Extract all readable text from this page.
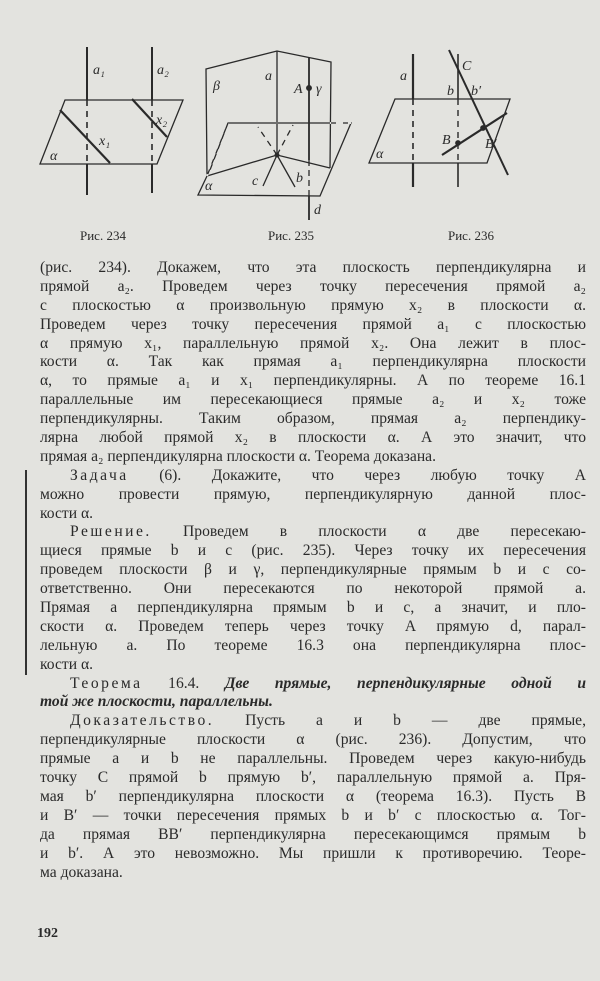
a₁	a₂
x₂
x₁
α
β
a
A γ
α	c	b
d
a
C
b b′
B B′
α
Рис. 234	Рис. 235	Рис. 236
(рис. 234). Докажем, что эта плоскость перпендикулярна и
прямой a₂. Проведем через точку пересечения прямой a₂
с плоскостью α произвольную прямую x₂ в плоскости α.
Проведем через точку пересечения прямой a₁ с плоскостью
α прямую x₁, параллельную прямой x₂. Она лежит в плос-
кости α. Так как прямая a₁ перпендикулярна плоскости
α, то прямые a₁ и x₁ перпендикулярны. А по теореме 16.1
параллельные им пересекающиеся прямые a₂ и x₂ тоже
перпендикулярны. Таким образом, прямая a₂ перпендику-
лярна любой прямой x₂ в плоскости α. А это значит, что
прямая a₂ перпендикулярна плоскости α. Теорема доказана.
Задача (6). Докажите, что через любую точку A
можно провести прямую, перпендикулярную данной плос-
кости α.
Решение. Проведем в плоскости α две пересекаю-
щиеся прямые b и c (рис. 235). Через точку их пересечения
проведем плоскости β и γ, перпендикулярные прямым b и c со-
ответственно. Они пересекаются по некоторой прямой a.
Прямая a перпендикулярна прямым b и c, а значит, и пло-
скости α. Проведем теперь через точку A прямую d, парал-
лельную a. По теореме 16.3 она перпендикулярна плос-
кости α.
Теорема 16.4. Две прямые, перпендикулярные одной и
той же плоскости, параллельны.
Доказательство. Пусть a и b — две прямые,
перпендикулярные плоскости α (рис. 236). Допустим, что
прямые a и b не параллельны. Проведем через какую-нибудь
точку C прямой b прямую b′, параллельную прямой a. Пря-
мая b′ перпендикулярна плоскости α (теорема 16.3). Пусть B
и B′ — точки пересечения прямых b и b′ с плоскостью α. Тог-
да прямая BB′ перпендикулярна пересекающимся прямым b
и b′. А это невозможно. Мы пришли к противоречию. Теоре-
ма доказана.
192
